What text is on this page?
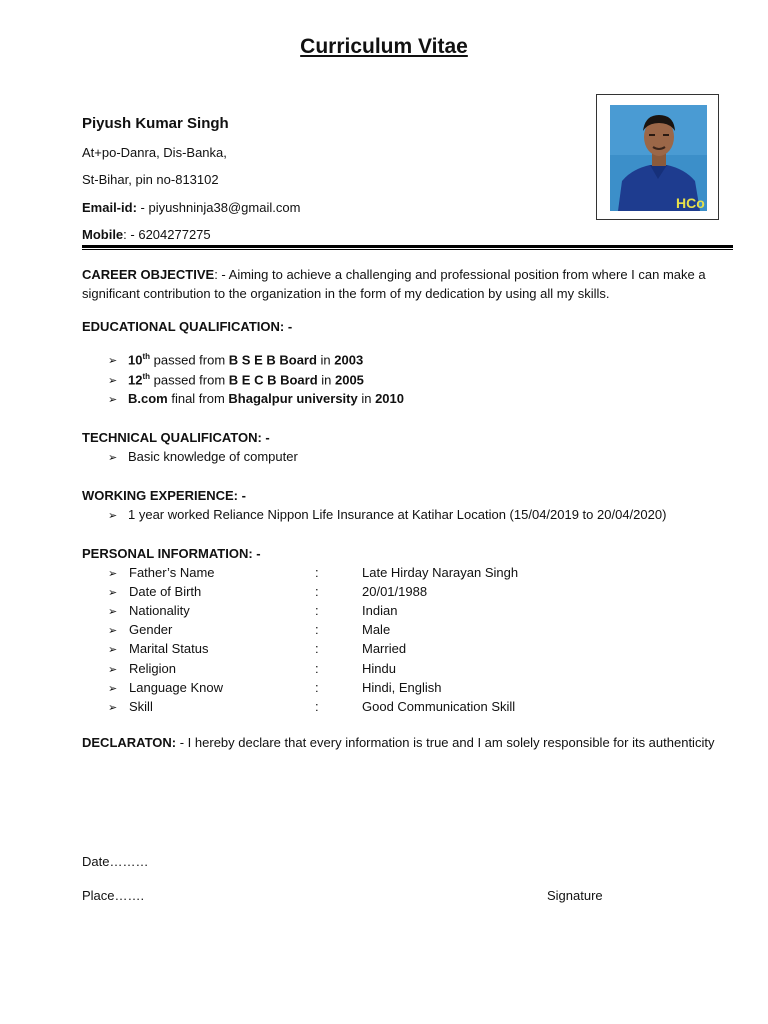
Curriculum Vitae
Piyush Kumar Singh
At+po-Danra, Dis-Banka,
St-Bihar, pin no-813102
Email-id: - piyushninja38@gmail.com
Mobile: - 6204277275
HCo
CAREER OBJECTIVE: - Aiming to achieve a challenging and professional position from where I can make a significant contribution to the organization in the form of my dedication by using all my skills.
EDUCATIONAL QUALIFICATION: -
➢ 10th passed from B S E B Board in 2003
➢ 12th passed from B E C B Board in 2005
➢ B.com final from Bhagalpur university in 2010
TECHNICAL QUALIFICATON: -
➢ Basic knowledge of computer
WORKING EXPERIENCE: -
➢ 1 year worked Reliance Nippon Life Insurance at Katihar Location (15/04/2019 to 20/04/2020)
PERSONAL INFORMATION: -
➢ Father’s Name	:	Late Hirday Narayan Singh
➢ Date of Birth	:	20/01/1988
➢ Nationality	:	Indian
➢ Gender	:	Male
➢ Marital Status	:	Married
➢ Religion	:	Hindu
➢ Language Know	:	Hindi, English
➢ Skill	:	Good Communication Skill
DECLARATON: - I hereby declare that every information is true and I am solely responsible for its authenticity
Date………
Place…….	Signature
